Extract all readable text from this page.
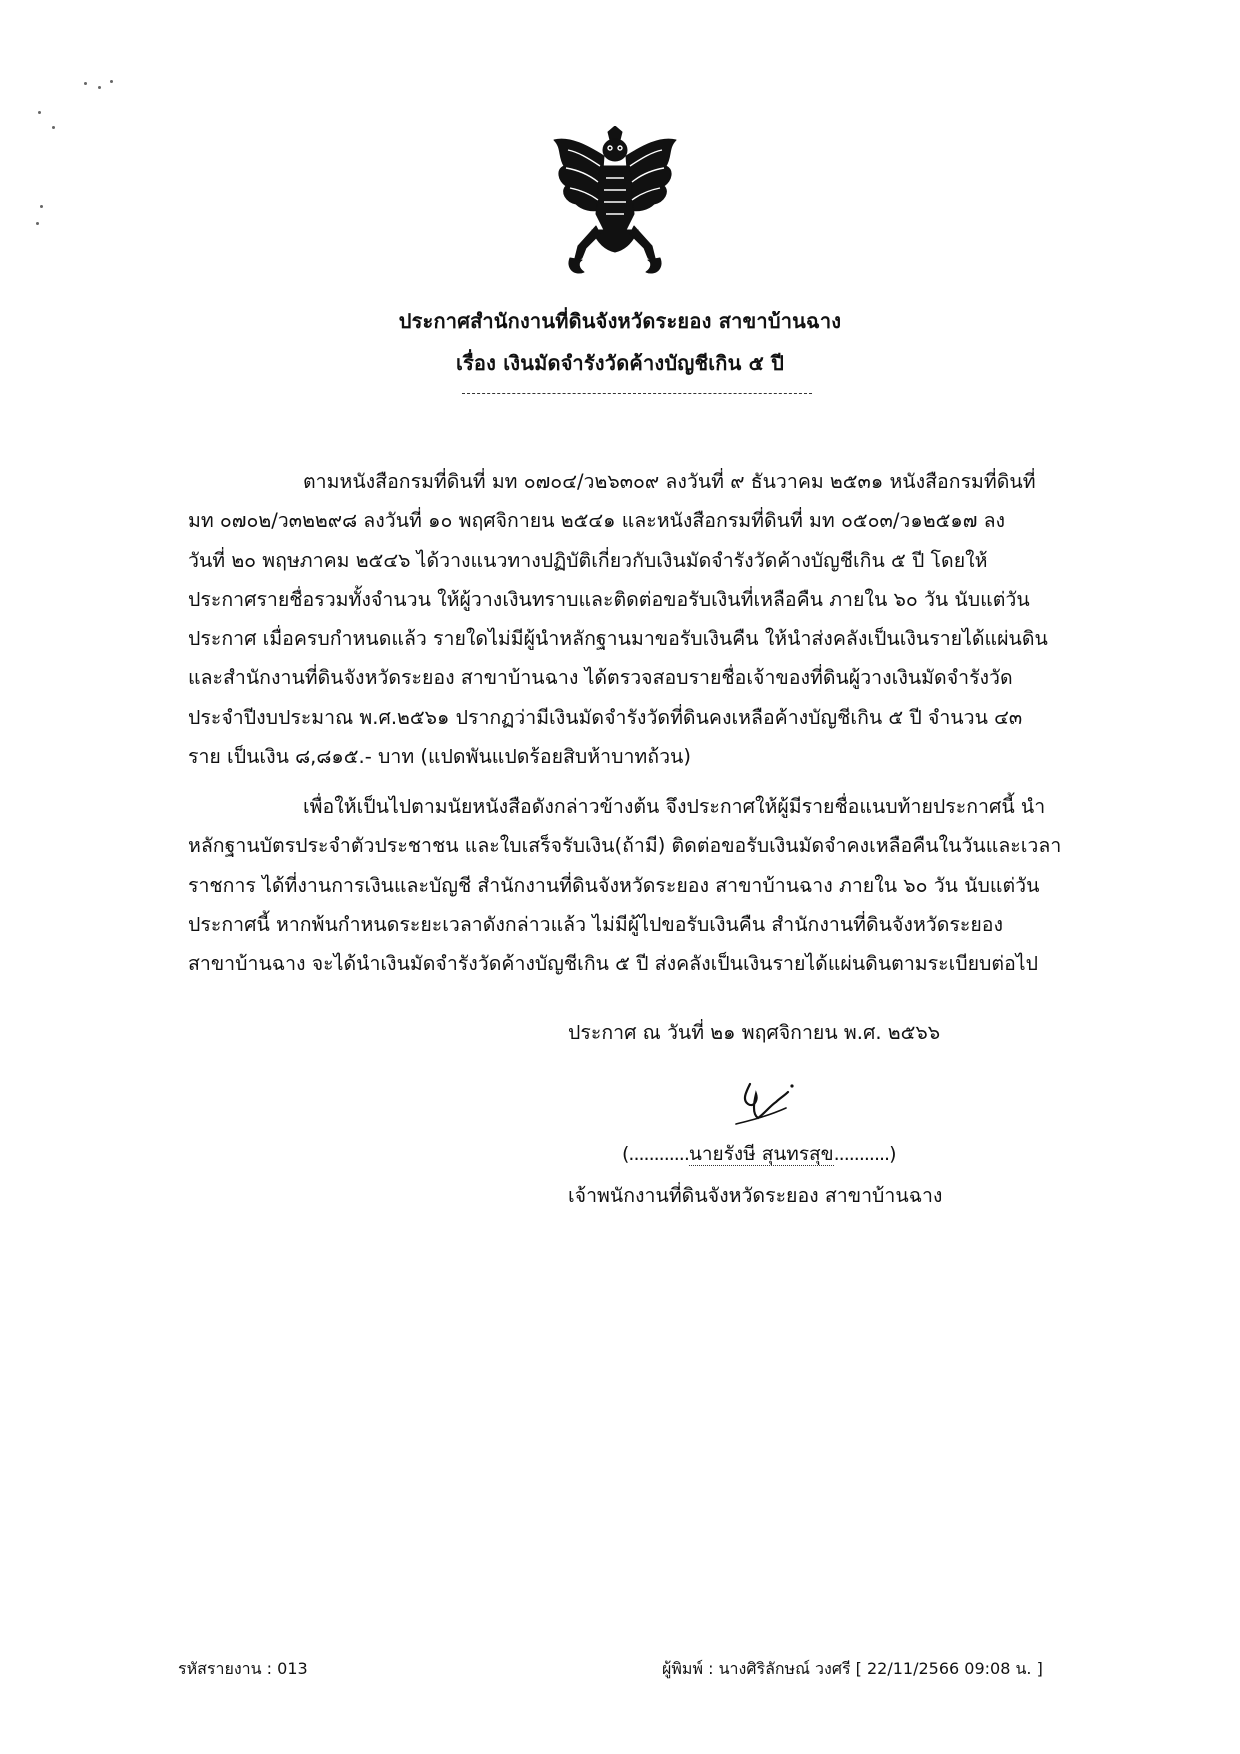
ประกาศสำนักงานที่ดินจังหวัดระยอง สาขาบ้านฉาง
เรื่อง เงินมัดจำรังวัดค้างบัญชีเกิน ๕ ปี
ตามหนังสือกรมที่ดินที่ มท ๐๗๐๔/ว๒๖๓๐๙ ลงวันที่ ๙ ธันวาคม ๒๕๓๑ หนังสือกรมที่ดินที่
มท ๐๗๐๒/ว๓๒๒๙๘ ลงวันที่ ๑๐ พฤศจิกายน ๒๕๔๑ และหนังสือกรมที่ดินที่ มท ๐๕๐๓/ว๑๒๕๑๗ ลง
วันที่ ๒๐ พฤษภาคม ๒๕๔๖ ได้วางแนวทางปฏิบัติเกี่ยวกับเงินมัดจำรังวัดค้างบัญชีเกิน ๕ ปี โดยให้
ประกาศรายชื่อรวมทั้งจำนวน ให้ผู้วางเงินทราบและติดต่อขอรับเงินที่เหลือคืน ภายใน ๖๐ วัน นับแต่วัน
ประกาศ เมื่อครบกำหนดแล้ว รายใดไม่มีผู้นำหลักฐานมาขอรับเงินคืน ให้นำส่งคลังเป็นเงินรายได้แผ่นดิน
และสำนักงานที่ดินจังหวัดระยอง สาขาบ้านฉาง ได้ตรวจสอบรายชื่อเจ้าของที่ดินผู้วางเงินมัดจำรังวัด
ประจำปีงบประมาณ พ.ศ.๒๕๖๑ ปรากฏว่ามีเงินมัดจำรังวัดที่ดินคงเหลือค้างบัญชีเกิน ๕ ปี จำนวน ๔๓
ราย เป็นเงิน ๘,๘๑๕.- บาท (แปดพันแปดร้อยสิบห้าบาทถ้วน)
เพื่อให้เป็นไปตามนัยหนังสือดังกล่าวข้างต้น จึงประกาศให้ผู้มีรายชื่อแนบท้ายประกาศนี้ นำ
หลักฐานบัตรประจำตัวประชาชน และใบเสร็จรับเงิน(ถ้ามี) ติดต่อขอรับเงินมัดจำคงเหลือคืนในวันและเวลา
ราชการ ได้ที่งานการเงินและบัญชี สำนักงานที่ดินจังหวัดระยอง สาขาบ้านฉาง ภายใน ๖๐ วัน นับแต่วัน
ประกาศนี้ หากพ้นกำหนดระยะเวลาดังกล่าวแล้ว ไม่มีผู้ไปขอรับเงินคืน สำนักงานที่ดินจังหวัดระยอง
สาขาบ้านฉาง จะได้นำเงินมัดจำรังวัดค้างบัญชีเกิน ๕ ปี ส่งคลังเป็นเงินรายได้แผ่นดินตามระเบียบต่อไป
ประกาศ ณ วันที่ ๒๑ พฤศจิกายน พ.ศ. ๒๕๖๖
(............นายรังษี สุนทรสุข...........)
เจ้าพนักงานที่ดินจังหวัดระยอง สาขาบ้านฉาง
รหัสรายงาน : 013	ผู้พิมพ์ : นางศิริลักษณ์ วงศรี [ 22/11/2566 09:08 น. ]
